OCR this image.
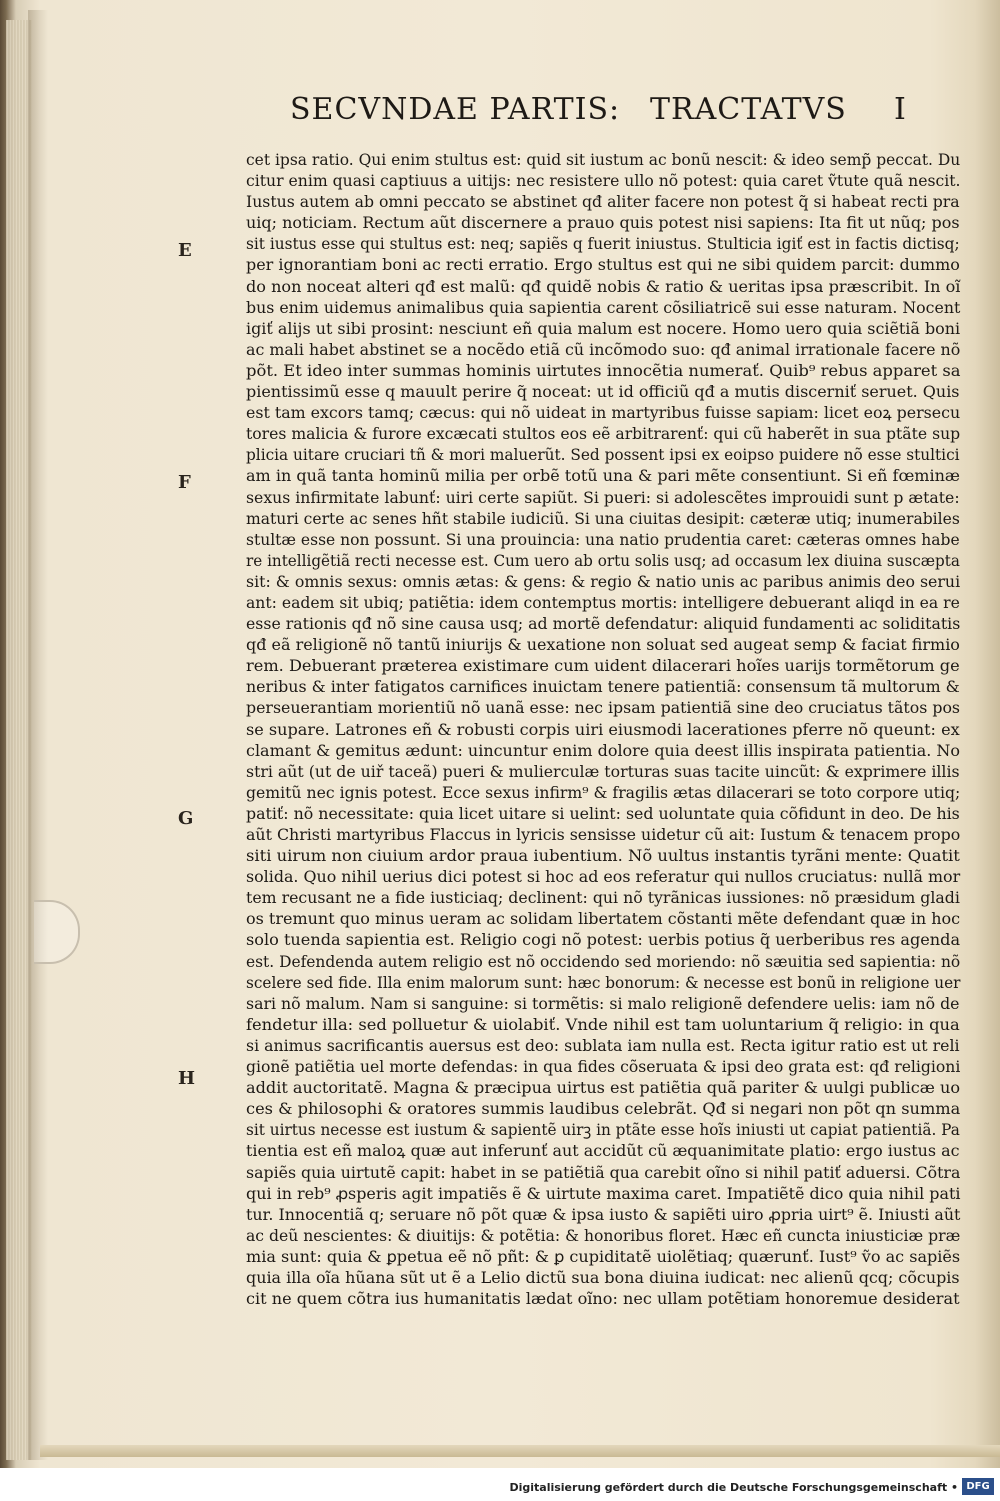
SECVNDAE PARTIS: TRACTATVS I
E
F
G
H
cet ipsa ratio. Qui enim stultus est: quid sit iustum ac bonũ nescit: & ideo semp̃ peccat. Du
citur enim quasi captiuus a uitijs: nec resistere ullo nõ potest: quia caret ṽtute quã nescit.
Iustus autem ab omni peccato se abstinet qđ aliter facere non potest q̃ si habeat recti pra
uiq; noticiam. Rectum aũt discernere a prauo quis potest nisi sapiens: Ita fit ut nũq; pos
sit iustus esse qui stultus est: neq; sapiẽs q fuerit iniustus. Stulticia igiť est in factis dictisq;
per ignorantiam boni ac recti erratio. Ergo stultus est qui ne sibi quidem parcit: dummo
do non noceat alteri qđ est malũ: qđ quidẽ nobis & ratio & ueritas ipsa præscribit. In oĩ
bus enim uidemus animalibus quia sapientia carent cõsiliatricẽ sui esse naturam. Nocent
igiť alijs ut sibi prosint: nesciunt eñ quia malum est nocere. Homo uero quia sciẽtiã boni
ac mali habet abstinet se a nocẽdo etiã cũ incõmodo suo: qđ animal irrationale facere nõ
põt. Et ideo inter summas hominis uirtutes innocẽtia numerať. Quib⁹ rebus apparet sa
pientissimũ esse q mauult perire q̃ noceat: ut id officiũ qđ a mutis discerniť seruet. Quis
est tam excors tamq; cæcus: qui nõ uideat in martyribus fuisse sapiam: licet eoꝝ persecu
tores malicia & furore excæcati stultos eos eẽ arbitrarenť: qui cũ haberẽt in sua ptãte sup
plicia uitare cruciari tñ & mori maluerũt. Sed possent ipsi ex eoipso puidere nõ esse stultici
am in quã tanta hominũ milia per orbẽ totũ una & pari mẽte consentiunt. Si eñ fœminæ
sexus infirmitate labunť: uiri certe sapiũt. Si pueri: si adolescẽtes improuidi sunt p ætate:
maturi certe ac senes hñt stabile iudiciũ. Si una ciuitas desipit: cæteræ utiq; inumerabiles
stultæ esse non possunt. Si una prouincia: una natio prudentia caret: cæteras omnes habe
re intelligẽtiã recti necesse est. Cum uero ab ortu solis usq; ad occasum lex diuina suscæpta
sit: & omnis sexus: omnis ætas: & gens: & regio & natio unis ac paribus animis deo serui
ant: eadem sit ubiq; patiẽtia: idem contemptus mortis: intelligere debuerant aliqd in ea re
esse rationis qđ nõ sine causa usq; ad mortẽ defendatur: aliquid fundamenti ac soliditatis
qđ eã religionẽ nõ tantũ iniurijs & uexatione non soluat sed augeat semp & faciat firmio
rem. Debuerant præterea existimare cum uident dilacerari hoĩes uarijs tormẽtorum ge
neribus & inter fatigatos carnifices inuictam tenere patientiã: consensum tã multorum &
perseuerantiam morientiũ nõ uanã esse: nec ipsam patientiã sine deo cruciatus tãtos pos
se supare. Latrones eñ & robusti corpis uiri eiusmodi lacerationes pferre nõ queunt: ex
clamant & gemitus ædunt: uincuntur enim dolore quia deest illis inspirata patientia. No
stri aũt (ut de uiř taceã) pueri & mulierculæ torturas suas tacite uincũt: & exprimere illis
gemitũ nec ignis potest. Ecce sexus infirm⁹ & fragilis ætas dilacerari se toto corpore utiq;
patiť: nõ necessitate: quia licet uitare si uelint: sed uoluntate quia cõfidunt in deo. De his
aũt Christi martyribus Flaccus in lyricis sensisse uidetur cũ ait: Iustum & tenacem propo
siti uirum non ciuium ardor praua iubentium. Nõ uultus instantis tyrãni mente: Quatit
solida. Quo nihil uerius dici potest si hoc ad eos referatur qui nullos cruciatus: nullã mor
tem recusant ne a fide iusticiaq; declinent: qui nõ tyrãnicas iussiones: nõ præsidum gladi
os tremunt quo minus ueram ac solidam libertatem cõstanti mẽte defendant quæ in hoc
solo tuenda sapientia est. Religio cogi nõ potest: uerbis potius q̃ uerberibus res agenda
est. Defendenda autem religio est nõ occidendo sed moriendo: nõ sæuitia sed sapientia: nõ
scelere sed fide. Illa enim malorum sunt: hæc bonorum: & necesse est bonũ in religione uer
sari nõ malum. Nam si sanguine: si tormẽtis: si malo religionẽ defendere uelis: iam nõ de
fendetur illa: sed polluetur & uiolabiť. Vnde nihil est tam uoluntarium q̃ religio: in qua
si animus sacrificantis auersus est deo: sublata iam nulla est. Recta igitur ratio est ut reli
gionẽ patiẽtia uel morte defendas: in qua fides cõseruata & ipsi deo grata est: qđ religioni
addit auctoritatẽ. Magna & præcipua uirtus est patiẽtia quã pariter & uulgi publicæ uo
ces & philosophi & oratores summis laudibus celebrãt. Qđ si negari non põt qn summa
sit uirtus necesse est iustum & sapientẽ uirꝫ in ptãte esse hoĩs iniusti ut capiat patientiã. Pa
tientia est eñ maloꝝ quæ aut inferunť aut accidũt cũ æquanimitate platio: ergo iustus ac
sapiẽs quia uirtutẽ capit: habet in se patiẽtiã qua carebit oĩno si nihil patiť aduersi. Cõtra
qui in reb⁹ ꝓsperis agit impatiẽs ẽ & uirtute maxima caret. Impatiẽtẽ dico quia nihil pati
tur. Innocentiã q; seruare nõ põt quæ & ipsa iusto & sapiẽti uiro ꝓpria uirt⁹ ẽ. Iniusti aũt
ac deũ nescientes: & diuitijs: & potẽtia: & honoribus floret. Hæc eñ cuncta iniusticiæ præ
mia sunt: quia & ꝑpetua eẽ nõ pñt: & ꝑ cupiditatẽ uiolẽtiaq; quærunť. Iust⁹ ṽo ac sapiẽs
quia illa oĩa hũana sũt ut ẽ a Lelio dictũ sua bona diuina iudicat: nec alienũ qcq; cõcupis
cit ne quem cõtra ius humanitatis lædat oĩno: nec ullam potẽtiam honoremue desiderat
Digitalisierung gefördert durch die Deutsche Forschungsgemeinschaft • DFG
